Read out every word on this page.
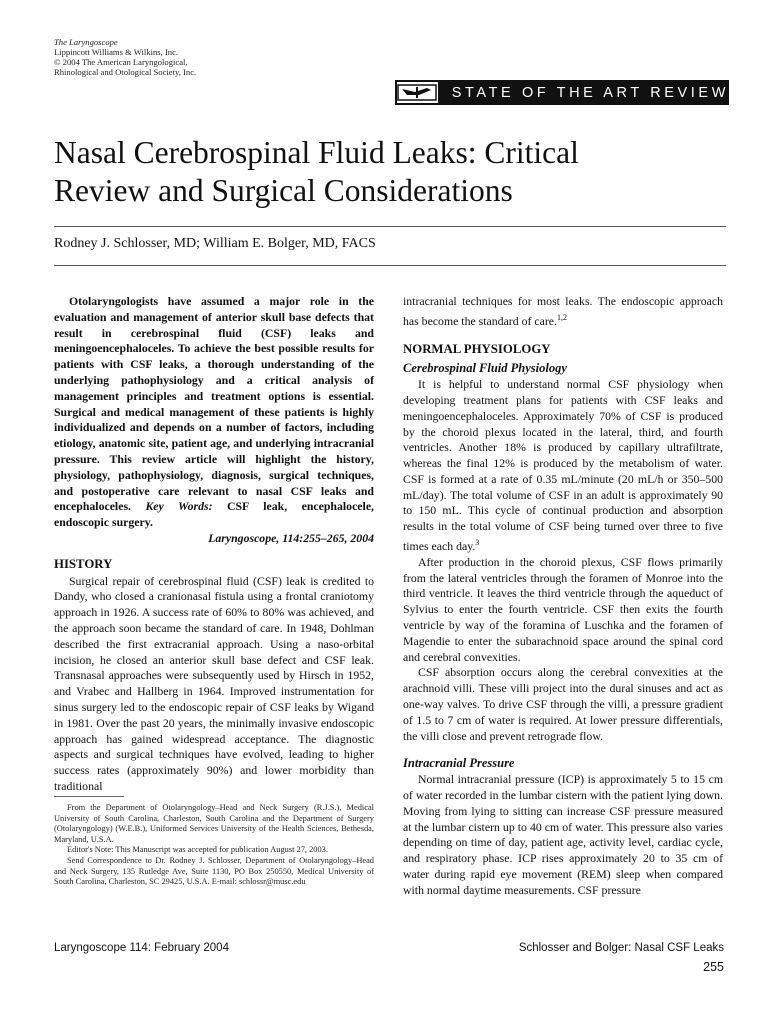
The Laryngoscope
Lippincott Williams & Wilkins, Inc.
© 2004 The American Laryngological,
Rhinological and Otological Society, Inc.
STATE OF THE ART REVIEW
Nasal Cerebrospinal Fluid Leaks: Critical
Review and Surgical Considerations
Rodney J. Schlosser, MD; William E. Bolger, MD, FACS

Otolaryngologists have assumed a major role in the evaluation and management of anterior skull base defects that result in cerebrospinal fluid (CSF) leaks and meningoencephaloceles. To achieve the best possible results for patients with CSF leaks, a thorough understanding of the underlying pathophysiology and a critical analysis of management principles and treatment options is essential. Surgical and medical management of these patients is highly individualized and depends on a number of factors, including etiology, anatomic site, patient age, and underlying intracranial pressure. This review article will highlight the history, physiology, pathophysiology, diagnosis, surgical techniques, and postoperative care relevant to nasal CSF leaks and encephaloceles. Key Words: CSF leak, encephalocele, endoscopic surgery.

Laryngoscope, 114:255–265, 2004

HISTORY

Surgical repair of cerebrospinal fluid (CSF) leak is credited to Dandy, who closed a cranionasal fistula using a frontal craniotomy approach in 1926. A success rate of 60% to 80% was achieved, and the approach soon became the standard of care. In 1948, Dohlman described the first extracranial approach. Using a naso-orbital incision, he closed an anterior skull base defect and CSF leak. Transnasal approaches were subsequently used by Hirsch in 1952, and Vrabec and Hallberg in 1964. Improved instrumentation for sinus surgery led to the endoscopic repair of CSF leaks by Wigand in 1981. Over the past 20 years, the minimally invasive endoscopic approach has gained widespread acceptance. The diagnostic aspects and surgical techniques have evolved, leading to higher success rates (approximately 90%) and lower morbidity than traditional

From the Department of Otolaryngology–Head and Neck Surgery (R.J.S.), Medical University of South Carolina, Charleston, South Carolina and the Department of Surgery (Otolaryngology) (W.E.B.), Uniformed Services University of the Health Sciences, Bethesda, Maryland, U.S.A.

Editor's Note: This Manuscript was accepted for publication August 27, 2003.

Send Correspondence to Dr. Rodney J. Schlosser, Department of Otolaryngology–Head and Neck Surgery, 135 Rutledge Ave, Suite 1130, PO Box 250550, Medical University of South Carolina, Charleston, SC 29425, U.S.A. E-mail: schlossr@musc.edu

intracranial techniques for most leaks. The endoscopic approach has become the standard of care.$^{1,2}$

NORMAL PHYSIOLOGY
Cerebrospinal Fluid Physiology

It is helpful to understand normal CSF physiology when developing treatment plans for patients with CSF leaks and meningoencephaloceles. Approximately 70% of CSF is produced by the choroid plexus located in the lateral, third, and fourth ventricles. Another 18% is produced by capillary ultrafiltrate, whereas the final 12% is produced by the metabolism of water. CSF is formed at a rate of 0.35 mL/minute (20 mL/h or 350–500 mL/day). The total volume of CSF in an adult is approximately 90 to 150 mL. This cycle of continual production and absorption results in the total volume of CSF being turned over three to five times each day.$^3$

After production in the choroid plexus, CSF flows primarily from the lateral ventricles through the foramen of Monroe into the third ventricle. It leaves the third ventricle through the aqueduct of Sylvius to enter the fourth ventricle. CSF then exits the fourth ventricle by way of the foramina of Luschka and the foramen of Magendie to enter the subarachnoid space around the spinal cord and cerebral convexities.

CSF absorption occurs along the cerebral convexities at the arachnoid villi. These villi project into the dural sinuses and act as one-way valves. To drive CSF through the villi, a pressure gradient of 1.5 to 7 cm of water is required. At lower pressure differentials, the villi close and prevent retrograde flow.

Intracranial Pressure

Normal intracranial pressure (ICP) is approximately 5 to 15 cm of water recorded in the lumbar cistern with the patient lying down. Moving from lying to sitting can increase CSF pressure measured at the lumbar cistern up to 40 cm of water. This pressure also varies depending on time of day, patient age, activity level, cardiac cycle, and respiratory phase. ICP rises approximately 20 to 35 cm of water during rapid eye movement (REM) sleep when compared with normal daytime measurements. CSF pressure

Laryngoscope 114: February 2004	Schlosser and Bolger: Nasal CSF Leaks
255
